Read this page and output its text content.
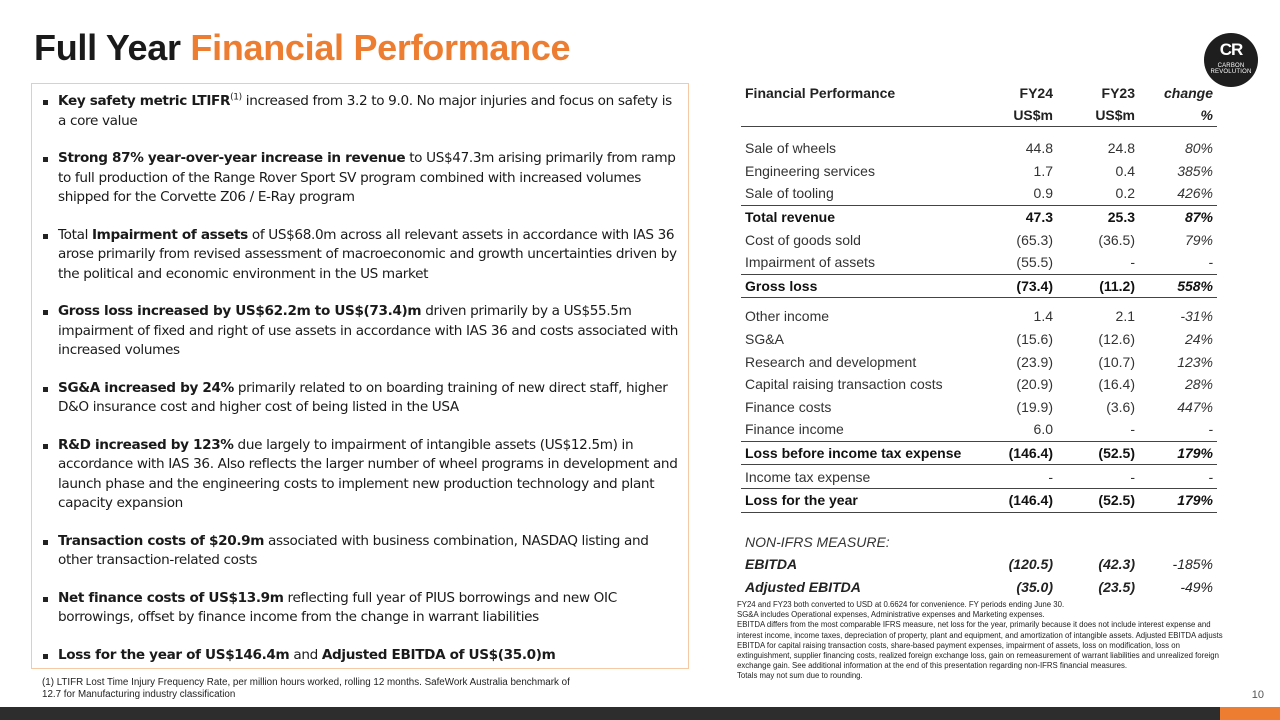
Full Year Financial Performance	CR
CARBON REVOLUTION

Key safety metric LTIFR$^{(1)}$ increased from 3.2 to 9.0. No major injuries and focus on safety is a core value

Strong 87% year-over-year increase in revenue to US$47.3m arising primarily from ramp to full production of the Range Rover Sport SV program combined with increased volumes shipped for the Corvette Z06 / E-Ray program

Total Impairment of assets of US$68.0m across all relevant assets in accordance with IAS 36 arose primarily from revised assessment of macroeconomic and growth uncertainties driven by the political and economic environment in the US market

Gross loss increased by US$62.2m to US$(73.4)m driven primarily by a US$55.5m impairment of fixed and right of use assets in accordance with IAS 36 and costs associated with increased volumes

SG&A increased by 24% primarily related to on boarding training of new direct staff, higher D&O insurance cost and higher cost of being listed in the USA

R&D increased by 123% due largely to impairment of intangible assets (US$12.5m) in accordance with IAS 36. Also reflects the larger number of wheel programs in development and launch phase and the engineering costs to implement new production technology and plant capacity expansion

Transaction costs of $20.9m associated with business combination, NASDAQ listing and other transaction-related costs

Net finance costs of US$13.9m reflecting full year of PIUS borrowings and new OIC borrowings, offset by finance income from the change in warrant liabilities

Loss for the year of US$146.4m and Adjusted EBITDA of US$(35.0)m

(1) LTIFR Lost Time Injury Frequency Rate, per million hours worked, rolling 12 months. SafeWork Australia benchmark of 12.7 for Manufacturing industry classification
Financial Performance	FY24	FY23	change
	US$m	US$m	%

Sale of wheels	44.8	24.8	80%
Engineering services	1.7	0.4	385%
Sale of tooling	0.9	0.2	426%
Total revenue	47.3	25.3	87%
Cost of goods sold	(65.3)	(36.5)	79%
Impairment of assets	(55.5)	-	-
Gross loss	(73.4)	(11.2)	558%

Other income	1.4	2.1	-31%
SG&A	(15.6)	(12.6)	24%
Research and development	(23.9)	(10.7)	123%
Capital raising transaction costs	(20.9)	(16.4)	28%
Finance costs	(19.9)	(3.6)	447%
Finance income	6.0	-	-
Loss before income tax expense	(146.4)	(52.5)	179%
Income tax expense	-	-	-
Loss for the year	(146.4)	(52.5)	179%

NON-IFRS MEASURE:			
EBITDA	(120.5)	(42.3)	-185%
Adjusted EBITDA	(35.0)	(23.5)	-49%
FY24 and FY23 both converted to USD at 0.6624 for convenience. FY periods ending June 30.
SG&A includes Operational expenses, Administrative expenses and Marketing expenses.
EBITDA differs from the most comparable IFRS measure, net loss for the year, primarily because it does not include interest expense and interest income, income taxes, depreciation of property, plant and equipment, and amortization of intangible assets. Adjusted EBITDA adjusts EBITDA for capital raising transaction costs, share-based payment expenses, impairment of assets, loss on modification, loss on extinguishment, supplier financing costs, realized foreign exchange loss, gain on remeasurement of warrant liabilities and unrealized foreign exchange gain. See additional information at the end of this presentation regarding non-IFRS financial measures.
Totals may not sum due to rounding.
10
